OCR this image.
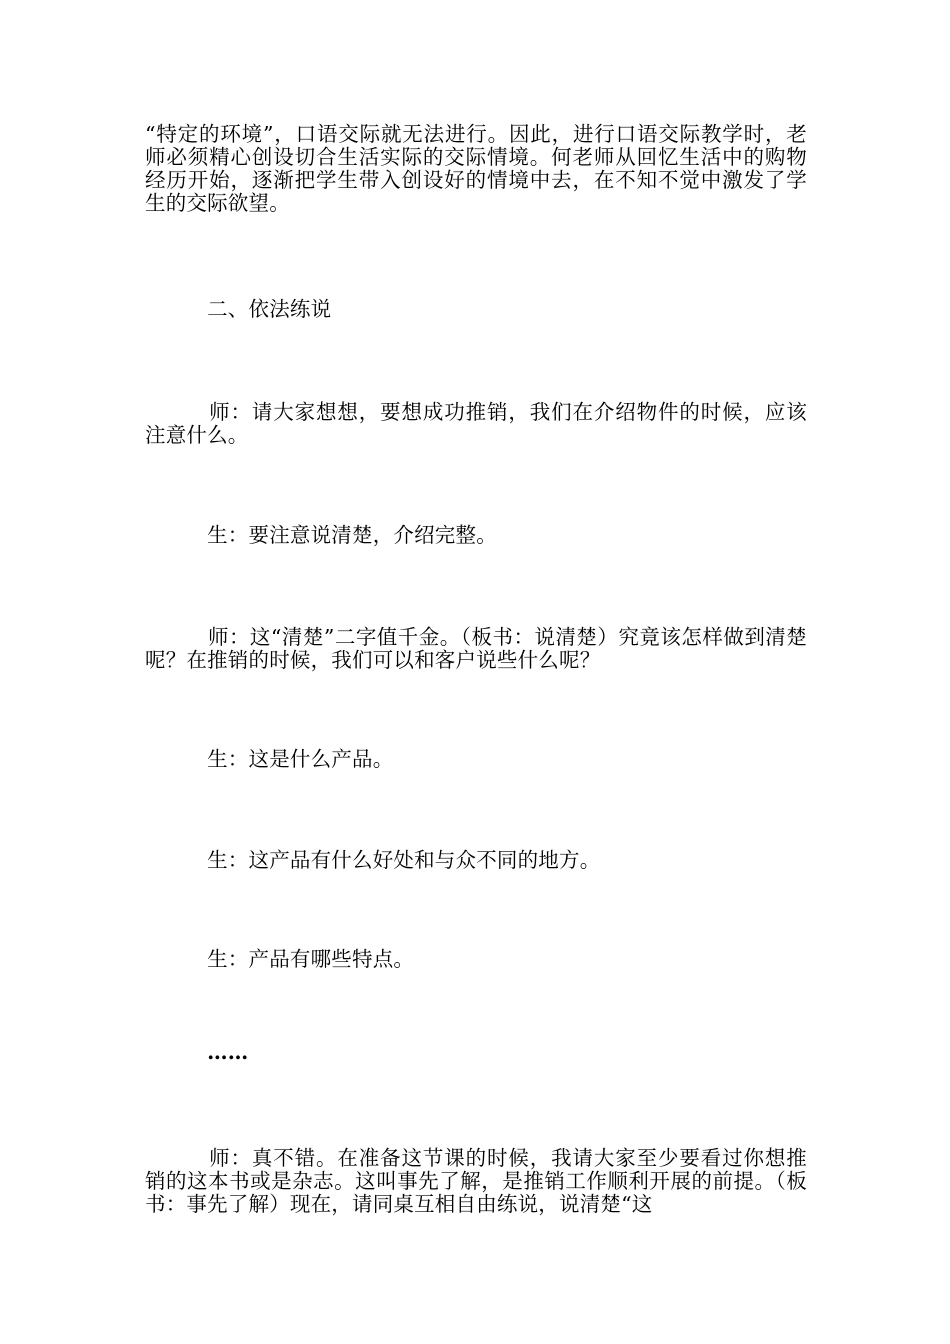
“特定的环境”，口语交际就无法进行。因此，进行口语交际教学时，老师必须精心创设切合生活实际的交际情境。何老师从回忆生活中的购物经历开始，逐渐把学生带入创设好的情境中去，在不知不觉中激发了学生的交际欲望。

　　　二、依法练说

　　　师：请大家想想，要想成功推销，我们在介绍物件的时候，应该注意什么。

　　　生：要注意说清楚，介绍完整。

　　　师：这“清楚”二字值千金。（板书：说清楚）究竟该怎样做到清楚呢？在推销的时候，我们可以和客户说些什么呢？

　　　生：这是什么产品。

　　　生：这产品有什么好处和与众不同的地方。

　　　生：产品有哪些特点。

　　　……

　　　师：真不错。在准备这节课的时候，我请大家至少要看过你想推销的这本书或是杂志。这叫事先了解，是推销工作顺利开展的前提。（板书：事先了解）现在，请同桌互相自由练说，说清楚“这
